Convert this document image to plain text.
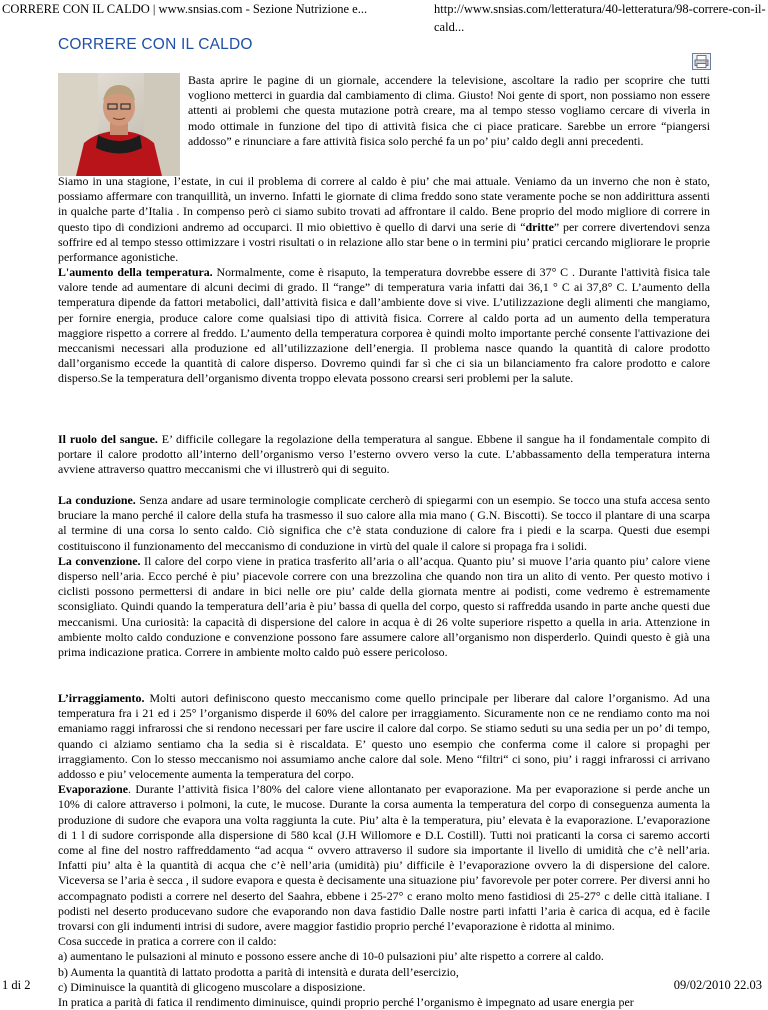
CORRERE CON IL CALDO | www.snsias.com - Sezione Nutrizione e...	http://www.snsias.com/letteratura/40-letteratura/98-correre-con-il-cald...
CORRERE CON IL CALDO

Basta aprire le pagine di un giornale, accendere la televisione, ascoltare la radio per scoprire che tutti vogliono metterci in guardia dal cambiamento di clima. Giusto! Noi gente di sport, non possiamo non essere attenti ai problemi che questa mutazione potrà creare, ma al tempo stesso vogliamo cercare di viverla in modo ottimale in funzione del tipo di attività fisica che ci piace praticare. Sarebbe un errore “piangersi addosso” e rinunciare a fare attività fisica solo perché fa un po’ piu’ caldo degli anni precedenti.

Siamo in una stagione, l’estate, in cui il problema di correre al caldo è piu’ che mai attuale. Veniamo da un inverno che non è stato, possiamo affermare con tranquillità, un inverno. Infatti le giornate di clima freddo sono state veramente poche se non addirittura assenti in qualche parte d’Italia . In compenso però ci siamo subito trovati ad affrontare il caldo. Bene proprio del modo migliore di correre in questo tipo di condizioni andremo ad occuparci. Il mio obiettivo è quello di darvi una serie di “dritte” per correre divertendovi senza soffrire ed al tempo stesso ottimizzare i vostri risultati o in relazione allo star bene o in termini piu’ pratici cercando migliorare le proprie performance agonistiche.

L'aumento della temperatura. Normalmente, come è risaputo, la temperatura dovrebbe essere di 37° C . Durante l'attività fisica tale valore tende ad aumentare di alcuni decimi di grado. Il “range” di temperatura varia infatti dai 36,1 ° C ai 37,8° C. L’aumento della temperatura dipende da fattori metabolici, dall’attività fisica e dall’ambiente dove si vive. L’utilizzazione degli alimenti che mangiamo, per fornire energia, produce calore come qualsiasi tipo di attività fisica. Correre al caldo porta ad un aumento della temperatura maggiore rispetto a correre al freddo. L’aumento della temperatura corporea è quindi molto importante perché consente l'attivazione dei meccanismi necessari alla produzione ed all’utilizzazione dell’energia. Il problema nasce quando la quantità di calore prodotto dall’organismo eccede la quantità di calore disperso. Dovremo quindi far sì che ci sia un bilanciamento fra calore prodotto e calore disperso.Se la temperatura dell’organismo diventa troppo elevata possono crearsi seri problemi per la salute.

Il ruolo del sangue. E’ difficile collegare la regolazione della temperatura al sangue. Ebbene il sangue ha il fondamentale compito di portare il calore prodotto all’interno dell’organismo verso l’esterno ovvero verso la cute. L’abbassamento della temperatura interna avviene attraverso quattro meccanismi che vi illustrerò qui di seguito.

La conduzione. Senza andare ad usare terminologie complicate cercherò di spiegarmi con un esempio. Se tocco una stufa accesa sento bruciare la mano perché il calore della stufa ha trasmesso il suo calore alla mia mano ( G.N. Biscotti). Se tocco il plantare di una scarpa al termine di una corsa lo sento caldo. Ciò significa che c’è stata conduzione di calore fra i piedi e la scarpa. Questi due esempi costituiscono il funzionamento del meccanismo di conduzione in virtù del quale il calore si propaga fra i solidi.

La convenzione. Il calore del corpo viene in pratica trasferito all’aria o all’acqua. Quanto piu’ si muove l’aria quanto piu’ calore viene disperso nell’aria. Ecco perché è piu’ piacevole correre con una brezzolina che quando non tira un alito di vento. Per questo motivo i ciclisti possono permettersi di andare in bici nelle ore piu’ calde della giornata mentre ai podisti, come vedremo è estremamente sconsigliato. Quindi quando la temperatura dell’aria è piu’ bassa di quella del corpo, questo si raffredda usando in parte anche questi due meccanismi. Una curiosità: la capacità di dispersione del calore in acqua è di 26 volte superiore rispetto a quella in aria. Attenzione in ambiente molto caldo conduzione e convenzione possono fare assumere calore all’organismo non disperderlo. Quindi questo è già una prima indicazione pratica. Correre in ambiente molto caldo può essere pericoloso.

L’irraggiamento. Molti autori definiscono questo meccanismo come quello principale per liberare dal calore l’organismo. Ad una temperatura fra i 21 ed i 25° l’organismo disperde il 60% del calore per irraggiamento. Sicuramente non ce ne rendiamo conto ma noi emaniamo raggi infrarossi che si rendono necessari per fare uscire il calore dal corpo. Se stiamo seduti su una sedia per un po’ di tempo, quando ci alziamo sentiamo cha la sedia si è riscaldata. E’ questo uno esempio che conferma come il calore si propaghi per irraggiamento. Con lo stesso meccanismo noi assumiamo anche calore dal sole. Meno “filtri“ ci sono, piu’ i raggi infrarossi ci arrivano addosso e piu’ velocemente aumenta la temperatura del corpo.

Evaporazione. Durante l’attività fisica l’80% del calore viene allontanato per evaporazione. Ma per evaporazione si perde anche un 10% di calore attraverso i polmoni, la cute, le mucose. Durante la corsa aumenta la temperatura del corpo di conseguenza aumenta la produzione di sudore che evapora una volta raggiunta la cute. Piu’ alta è la temperatura, piu’ elevata è la evaporazione. L’evaporazione di 1 l di sudore corrisponde alla dispersione di 580 kcal (J.H Willomore e D.L Costill). Tutti noi praticanti la corsa ci saremo accorti come al fine del nostro raffreddamento “ad acqua “ ovvero attraverso il sudore sia importante il livello di umidità che c’è nell’aria. Infatti piu’ alta è la quantità di acqua che c’è nell’aria (umidità) piu’ difficile è l’evaporazione ovvero la di dispersione del calore. Viceversa se l’aria è secca , il sudore evapora e questa è decisamente una situazione piu’ favorevole per poter correre. Per diversi anni ho accompagnato podisti a correre nel deserto del Saahra, ebbene i 25-27° c erano molto meno fastidiosi di 25-27° c delle città italiane. I podisti nel deserto producevano sudore che evaporando non dava fastidio Dalle nostre parti infatti l’aria è carica di acqua, ed è facile trovarsi con gli indumenti intrisi di sudore, avere maggior fastidio proprio perché l’evaporazione è ridotta al minimo.

Cosa succede in pratica a correre con il caldo:

a) aumentano le pulsazioni al minuto e possono essere anche di 10-0 pulsazioni piu’ alte rispetto a correre al caldo.

b) Aumenta la quantità di lattato prodotta a parità di intensità e durata dell’esercizio,

c) Diminuisce la quantità di glicogeno muscolare a disposizione.

In pratica a parità di fatica il rendimento diminuisce, quindi proprio perché l’organismo è impegnato ad usare energia per

1 di 2	09/02/2010 22.03
